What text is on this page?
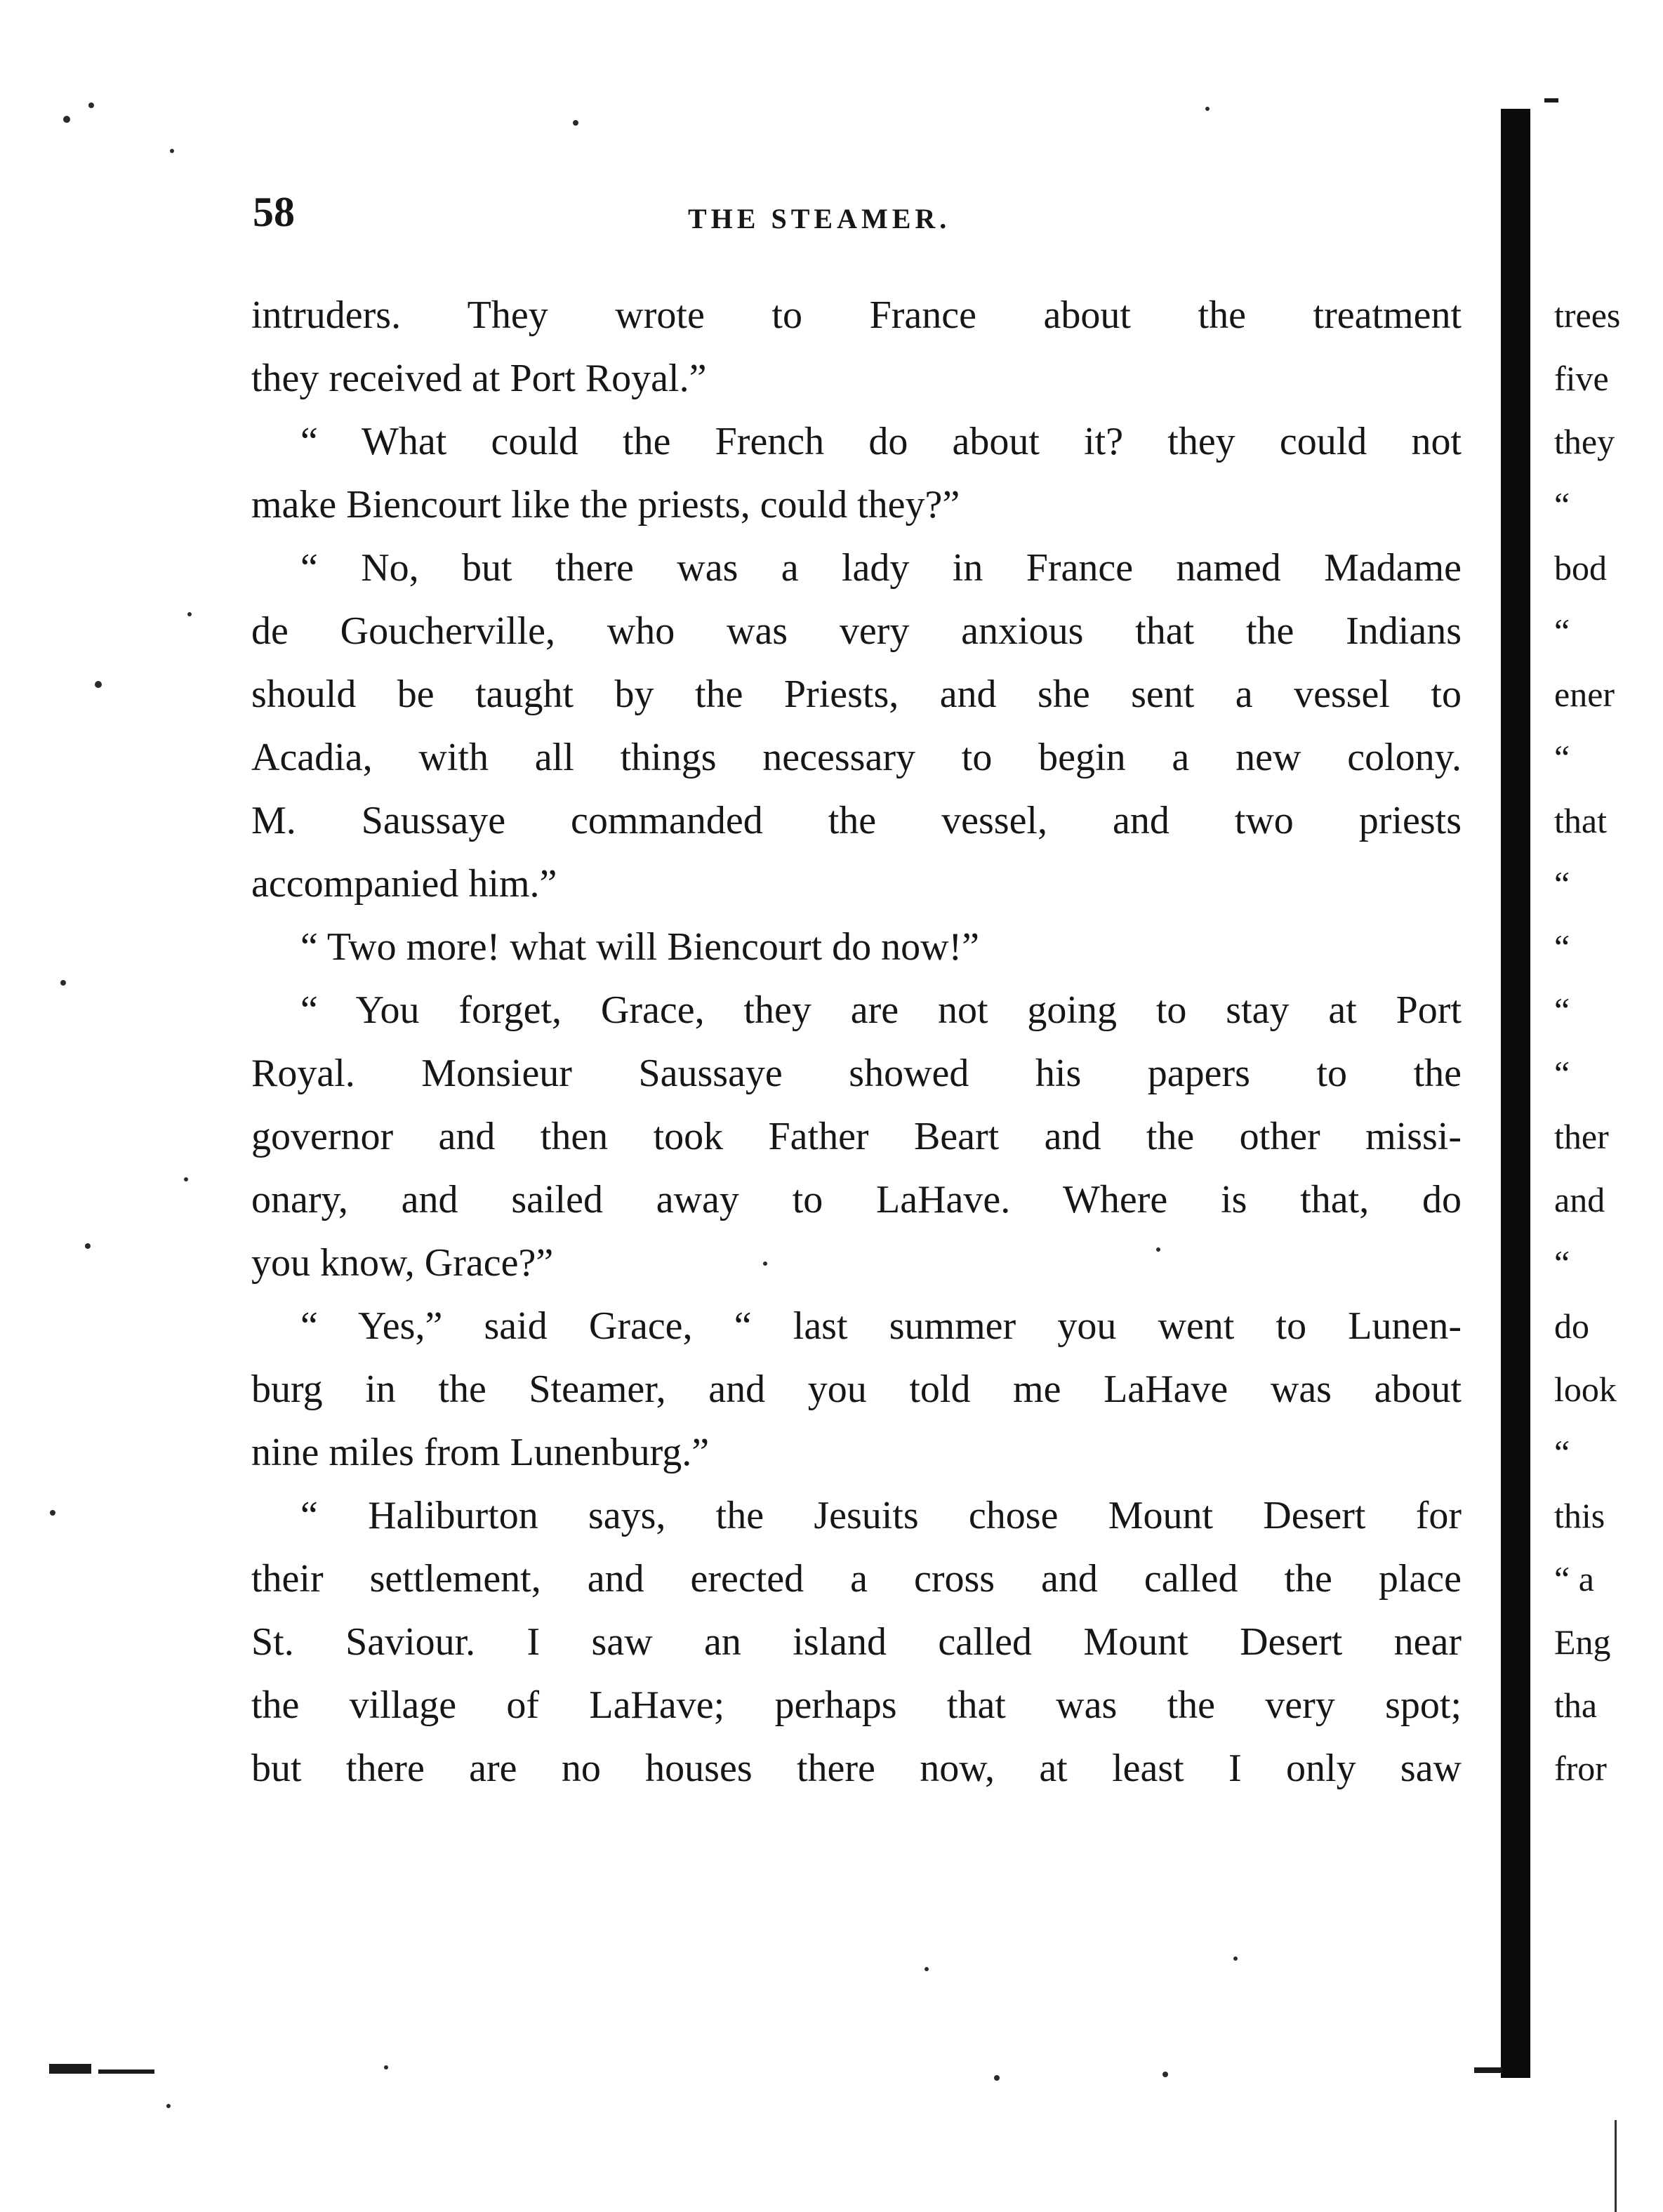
58	THE STEAMER.
intruders. They wrote to France about the treatment
they received at Port Royal.”
“ What could the French do about it? they could not
make Biencourt like the priests, could they?”
“ No, but there was a lady in France named Madame
de Goucherville, who was very anxious that the Indians
should be taught by the Priests, and she sent a vessel to
Acadia, with all things necessary to begin a new colony.
M. Saussaye commanded the vessel, and two priests
accompanied him.”
“ Two more! what will Biencourt do now!”
“ You forget, Grace, they are not going to stay at Port
Royal. Monsieur Saussaye showed his papers to the
governor and then took Father Beart and the other missi-
onary, and sailed away to LaHave. Where is that, do
you know, Grace?”
“ Yes,” said Grace, “ last summer you went to Lunen-
burg in the Steamer, and you told me LaHave was about
nine miles from Lunenburg.”
“ Haliburton says, the Jesuits chose Mount Desert for
their settlement, and erected a cross and called the place
St. Saviour. I saw an island called Mount Desert near
the village of LaHave; perhaps that was the very spot;
but there are no houses there now, at least I only saw
trees
five
they
“
bod
“
ener
“
that
“
“
“
“
ther
and
“
do
look
“
this
“ a
Eng
tha
fror
